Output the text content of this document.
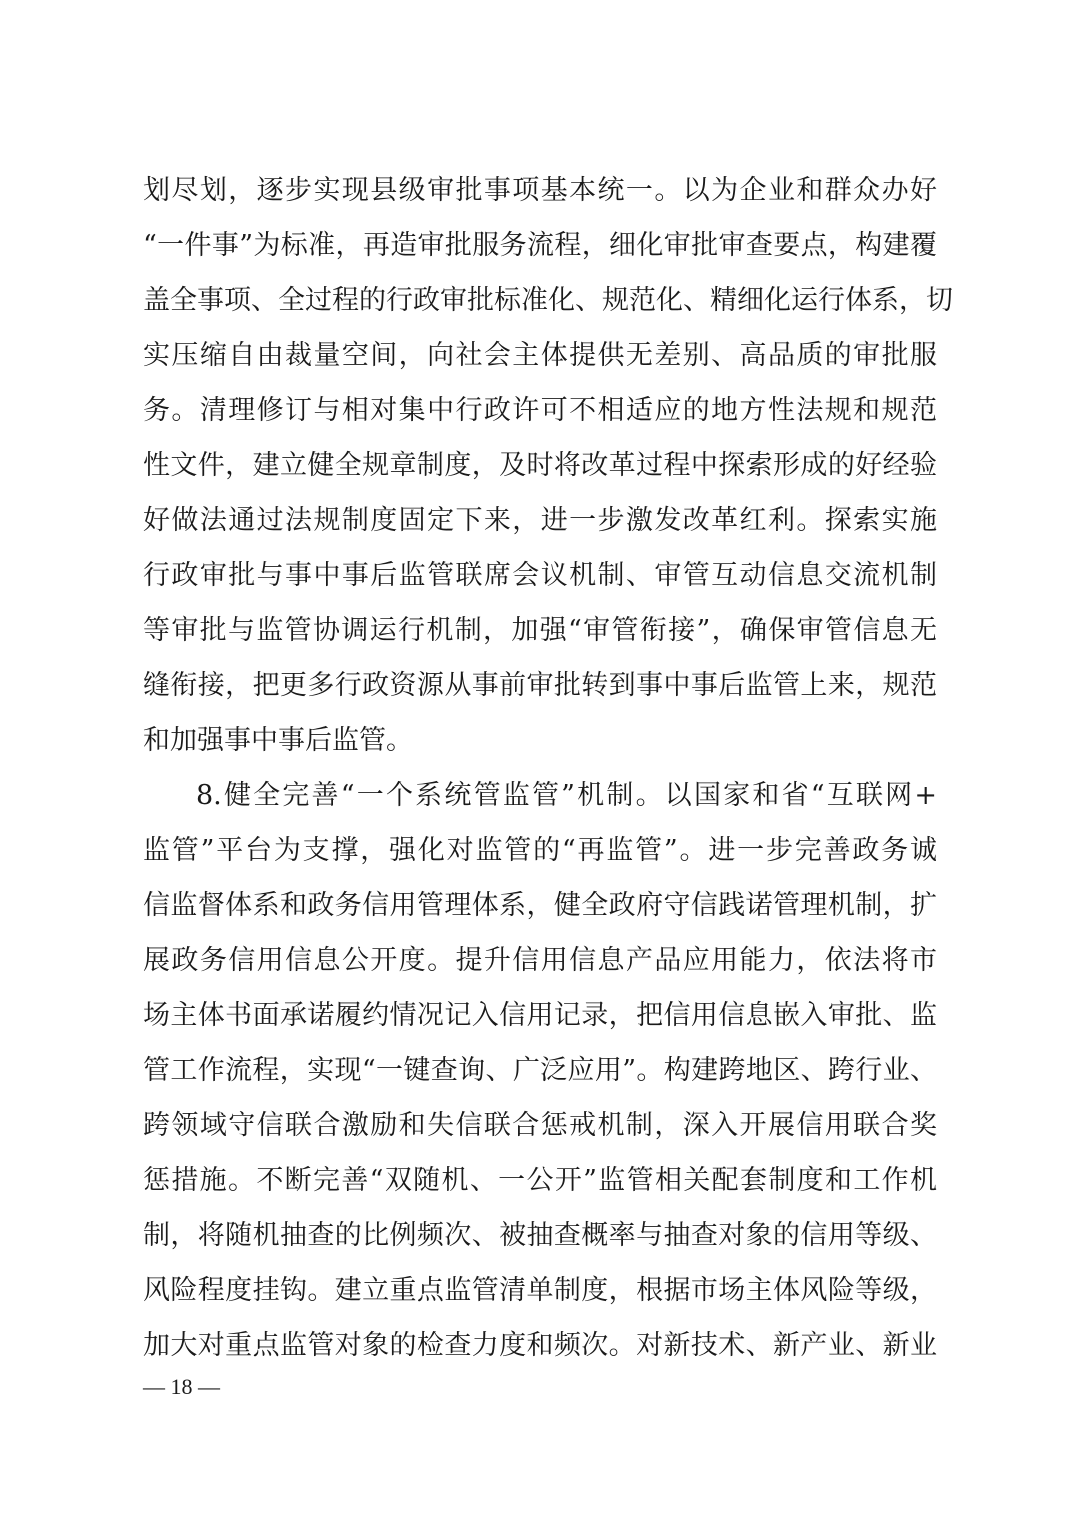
划尽划，逐步实现县级审批事项基本统一。以为企业和群众办好
“一件事”为标准，再造审批服务流程，细化审批审查要点，构建覆
盖全事项、全过程的行政审批标准化、规范化、精细化运行体系，切
实压缩自由裁量空间，向社会主体提供无差别、高品质的审批服
务。清理修订与相对集中行政许可不相适应的地方性法规和规范
性文件，建立健全规章制度，及时将改革过程中探索形成的好经验
好做法通过法规制度固定下来，进一步激发改革红利。探索实施
行政审批与事中事后监管联席会议机制、审管互动信息交流机制
等审批与监管协调运行机制，加强“审管衔接”，确保审管信息无
缝衔接，把更多行政资源从事前审批转到事中事后监管上来，规范
和加强事中事后监管。
8.健全完善“一个系统管监管”机制。以国家和省“互联网+
监管”平台为支撑，强化对监管的“再监管”。进一步完善政务诚
信监督体系和政务信用管理体系，健全政府守信践诺管理机制，扩
展政务信用信息公开度。提升信用信息产品应用能力，依法将市
场主体书面承诺履约情况记入信用记录，把信用信息嵌入审批、监
管工作流程，实现“一键查询、广泛应用”。构建跨地区、跨行业、
跨领域守信联合激励和失信联合惩戒机制，深入开展信用联合奖
惩措施。不断完善“双随机、一公开”监管相关配套制度和工作机
制，将随机抽查的比例频次、被抽查概率与抽查对象的信用等级、
风险程度挂钩。建立重点监管清单制度，根据市场主体风险等级，
加大对重点监管对象的检查力度和频次。对新技术、新产业、新业
— 18 —
